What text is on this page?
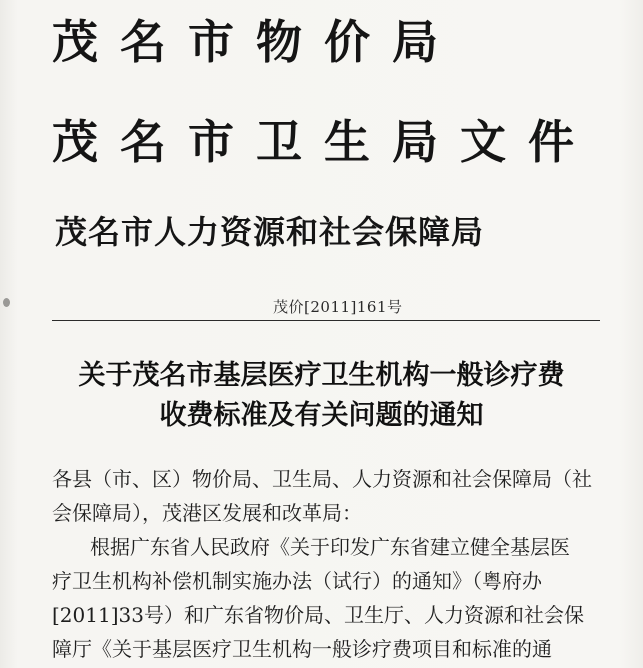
茂名市物价局
茂名市卫生局文件
茂名市人力资源和社会保障局
茂价[2011]161号
关于茂名市基层医疗卫生机构一般诊疗费
收费标准及有关问题的通知
各县（市、区）物价局、卫生局、人力资源和社会保障局（社
会保障局），茂港区发展和改革局：
根据广东省人民政府《关于印发广东省建立健全基层医
疗卫生机构补偿机制实施办法（试行）的通知》（粤府办
[2011]33号）和广东省物价局、卫生厅、人力资源和社会保
障厅《关于基层医疗卫生机构一般诊疗费项目和标准的通
